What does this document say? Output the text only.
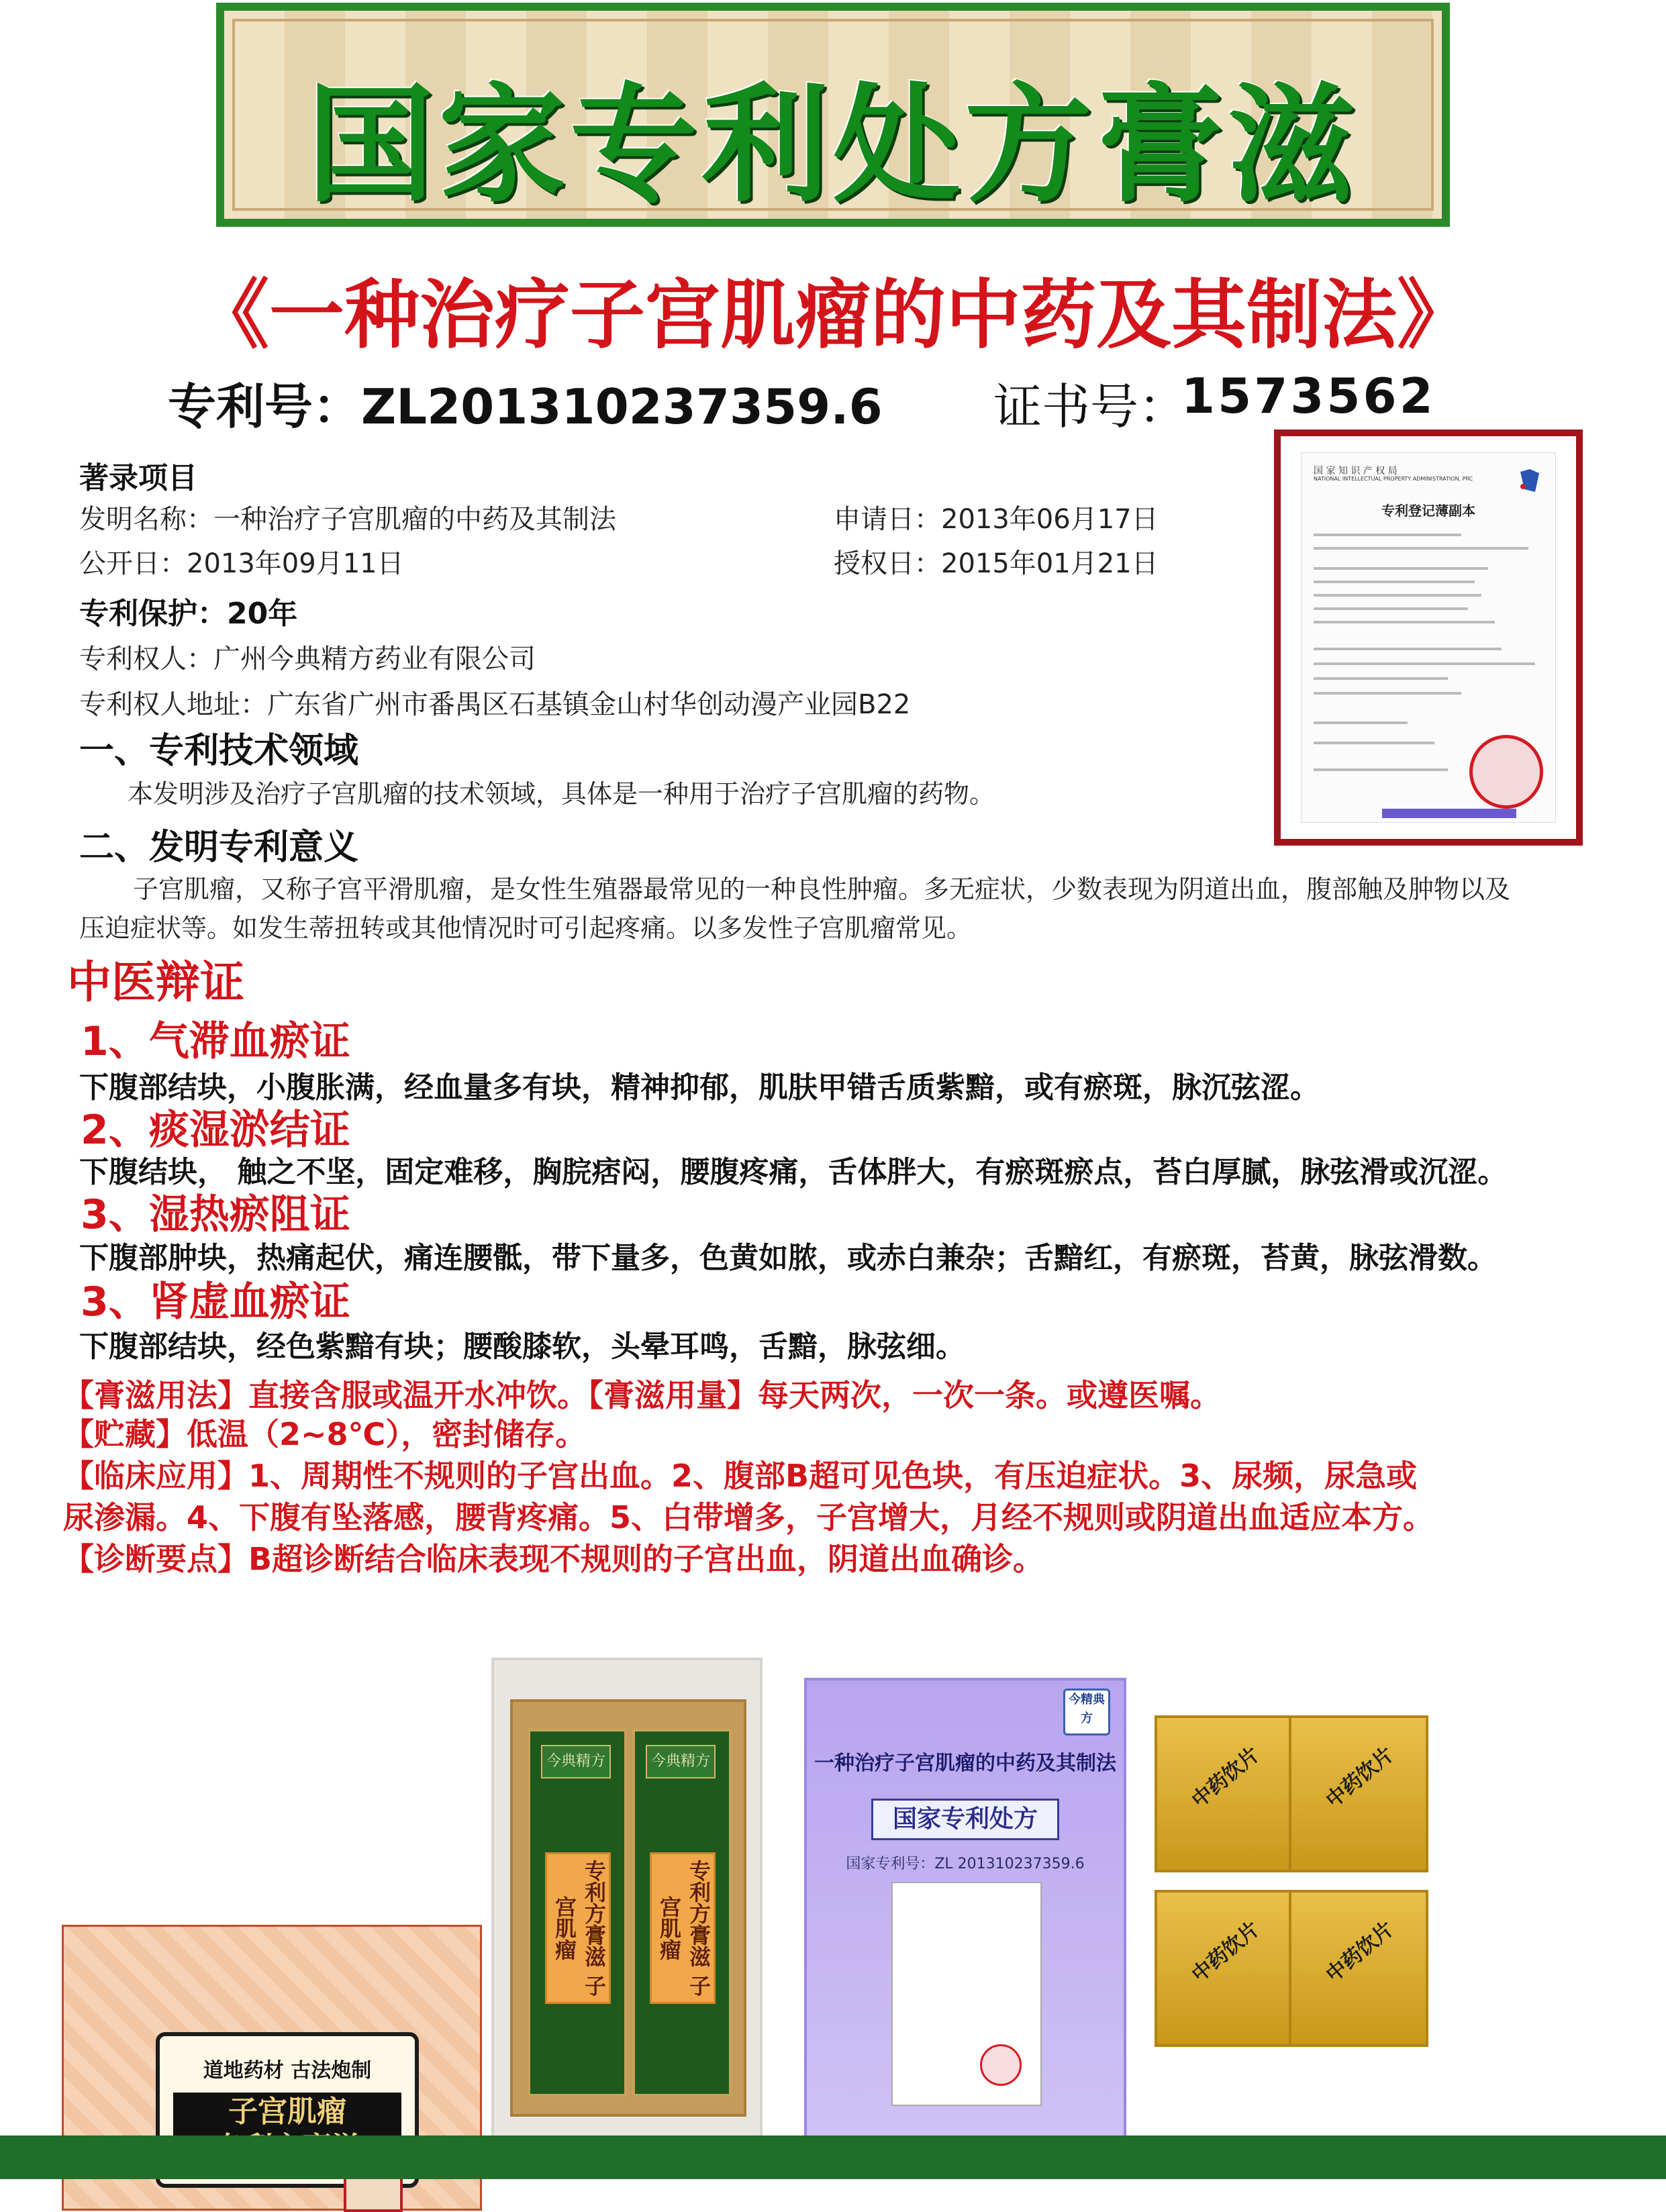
国家专利处方膏滋
《一种治疗子宫肌瘤的中药及其制法》
专利号：ZL201310237359.6 证书号：
1573562
著录项目
发明名称：一种治疗子宫肌瘤的中药及其制法	申请日：2013年06月17日
公开日：2013年09月11日	授权日：2015年01月21日
专利保护：20年
专利权人：广州今典精方药业有限公司
专利权人地址：广东省广州市番禺区石基镇金山村华创动漫产业园B22
一、专利技术领域
本发明涉及治疗子宫肌瘤的技术领域，具体是一种用于治疗子宫肌瘤的药物。
二、发明专利意义
子宫肌瘤，又称子宫平滑肌瘤，是女性生殖器最常见的一种良性肿瘤。多无症状，少数表现为阴道出血，腹部触及肿物以及
压迫症状等。如发生蒂扭转或其他情况时可引起疼痛。以多发性子宫肌瘤常见。
国 家 知 识 产 权 局
NATIONAL INTELLECTUAL PROPERTY ADMINISTRATION, PRC
专利登记薄副本
中医辩证
1、气滞血瘀证
下腹部结块，小腹胀满，经血量多有块，精神抑郁，肌肤甲错舌质紫黯，或有瘀斑，脉沉弦涩。
2、痰湿淤结证
下腹结块， 触之不坚，固定难移，胸脘痞闷，腰腹疼痛，舌体胖大，有瘀斑瘀点，苔白厚腻，脉弦滑或沉涩。
3、湿热瘀阻证
下腹部肿块，热痛起伏，痛连腰骶，带下量多，色黄如脓，或赤白兼杂；舌黯红，有瘀斑，苔黄，脉弦滑数。
3、肾虚血瘀证
下腹部结块，经色紫黯有块；腰酸膝软，头晕耳鸣，舌黯，脉弦细。
【膏滋用法】直接含服或温开水冲饮。【膏滋用量】每天两次，一次一条。或遵医嘱。
【贮藏】低温（2~8℃），密封储存。
【临床应用】1、周期性不规则的子宫出血。2、腹部B超可见色块，有压迫症状。3、尿频，尿急或
尿渗漏。4、下腹有坠落感，腰背疼痛。5、白带增多，子宫增大，月经不规则或阴道出血适应本方。
【诊断要点】B超诊断结合临床表现不规则的子宫出血，阴道出血确诊。
道地药材 古法炮制
子宫肌瘤

今典精方
专利方膏滋 子宫肌瘤
今典精方
专利方膏滋 子宫肌瘤
今精典方
一种治疗子宫肌瘤的中药及其制法
国家专利处方
国家专利号：ZL 201310237359.6
中药饮片	中药饮片
中药饮片	中药饮片
